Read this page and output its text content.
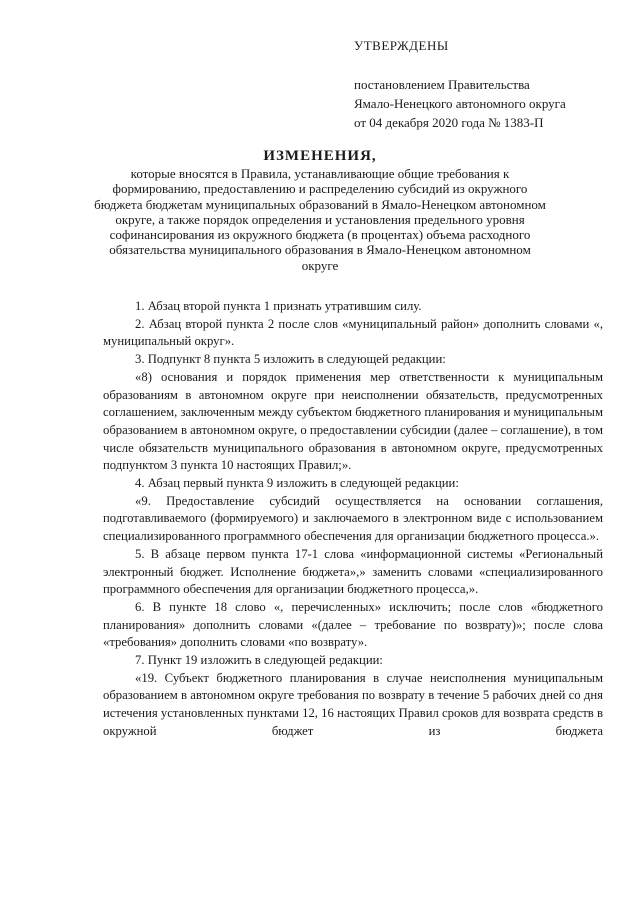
УТВЕРЖДЕНЫ
постановлением Правительства
Ямало-Ненецкого автономного округа
от 04 декабря 2020 года № 1383-П
ИЗМЕНЕНИЯ,
которые вносятся в Правила, устанавливающие общие требования к формированию, предоставлению и распределению субсидий из окружного бюджета бюджетам муниципальных образований в Ямало-Ненецком автономном округе, а также порядок определения и установления предельного уровня софинансирования из окружного бюджета (в процентах) объема расходного обязательства муниципального образования в Ямало-Ненецком автономном округе

1. Абзац второй пункта 1 признать утратившим силу.

2. Абзац второй пункта 2 после слов «муниципальный район» дополнить словами «, муниципальный округ».

3. Подпункт 8 пункта 5 изложить в следующей редакции:

«8) основания и порядок применения мер ответственности к муниципальным образованиям в автономном округе при неисполнении обязательств, предусмотренных соглашением, заключенным между субъектом бюджетного планирования и муниципальным образованием в автономном округе, о предоставлении субсидии (далее – соглашение), в том числе обязательств муниципального образования в автономном округе, предусмотренных подпунктом 3 пункта 10 настоящих Правил;».

4. Абзац первый пункта 9 изложить в следующей редакции:

«9. Предоставление субсидий осуществляется на основании соглашения, подготавливаемого (формируемого) и заключаемого в электронном виде с использованием специализированного программного обеспечения для организации бюджетного процесса.».

5. В абзаце первом пункта 17-1 слова «информационной системы «Региональный электронный бюджет. Исполнение бюджета»,» заменить словами «специализированного программного обеспечения для организации бюджетного процесса,».

6. В пункте 18 слово «, перечисленных» исключить; после слов «бюджетного планирования» дополнить словами «(далее – требование по возврату)»; после слова «требования» дополнить словами «по возврату».

7. Пункт 19 изложить в следующей редакции:

«19. Субъект бюджетного планирования в случае неисполнения муниципальным образованием в автономном округе требования по возврату в течение 5 рабочих дней со дня истечения установленных пунктами 12, 16 настоящих Правил сроков для возврата средств в окружной бюджет из бюджета
